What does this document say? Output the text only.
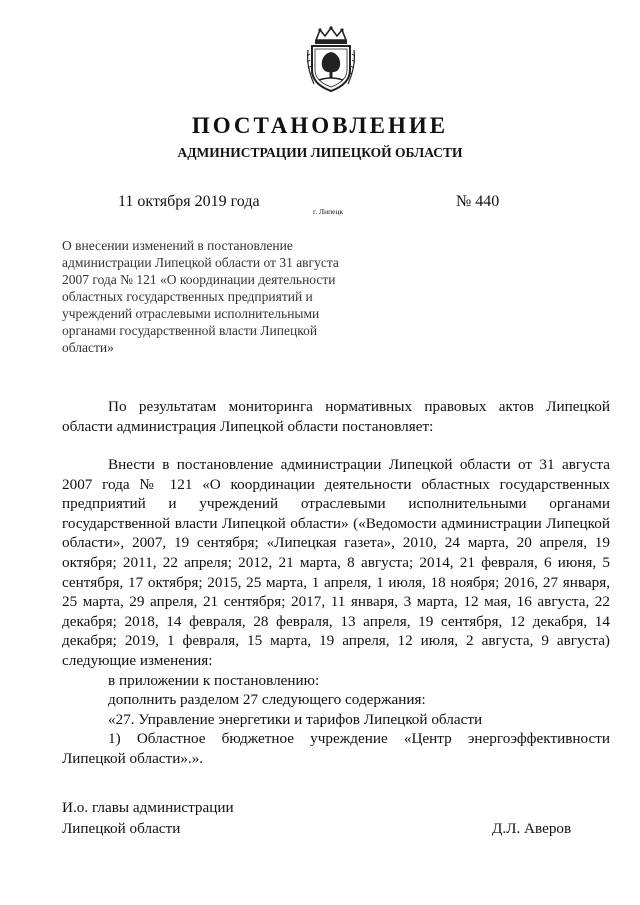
ПОСТАНОВЛЕНИЕ
АДМИНИСТРАЦИИ ЛИПЕЦКОЙ ОБЛАСТИ
11 октября 2019 года
г. Липецк
№ 440
О внесении изменений в постановление администрации Липецкой области от 31 августа 2007 года № 121 «О координации деятельности областных государственных предприятий и учреждений отраслевыми исполнительными органами государственной власти Липецкой области»

По результатам мониторинга нормативных правовых актов Липецкой области администрация Липецкой области постановляет:

Внести в постановление администрации Липецкой области от 31 августа 2007 года № 121 «О координации деятельности областных государственных предприятий и учреждений отраслевыми исполнительными органами государственной власти Липецкой области» («Ведомости администрации Липецкой области», 2007, 19 сентября; «Липецкая газета», 2010, 24 марта, 20 апреля, 19 октября; 2011, 22 апреля; 2012, 21 марта, 8 августа; 2014, 21 февраля, 6 июня, 5 сентября, 17 октября; 2015, 25 марта, 1 апреля, 1 июля, 18 ноября; 2016, 27 января, 25 марта, 29 апреля, 21 сентября; 2017, 11 января, 3 марта, 12 мая, 16 августа, 22 декабря; 2018, 14 февраля, 28 февраля, 13 апреля, 19 сентября, 12 декабря, 14 декабря; 2019, 1 февраля, 15 марта, 19 апреля, 12 июля, 2 августа, 9 августа) следующие изменения:

в приложении к постановлению:

дополнить разделом 27 следующего содержания:

«27. Управление энергетики и тарифов Липецкой области

1) Областное бюджетное учреждение «Центр энергоэффективности Липецкой области».».

И.о. главы администрации
Липецкой области	Д.Л. Аверов
